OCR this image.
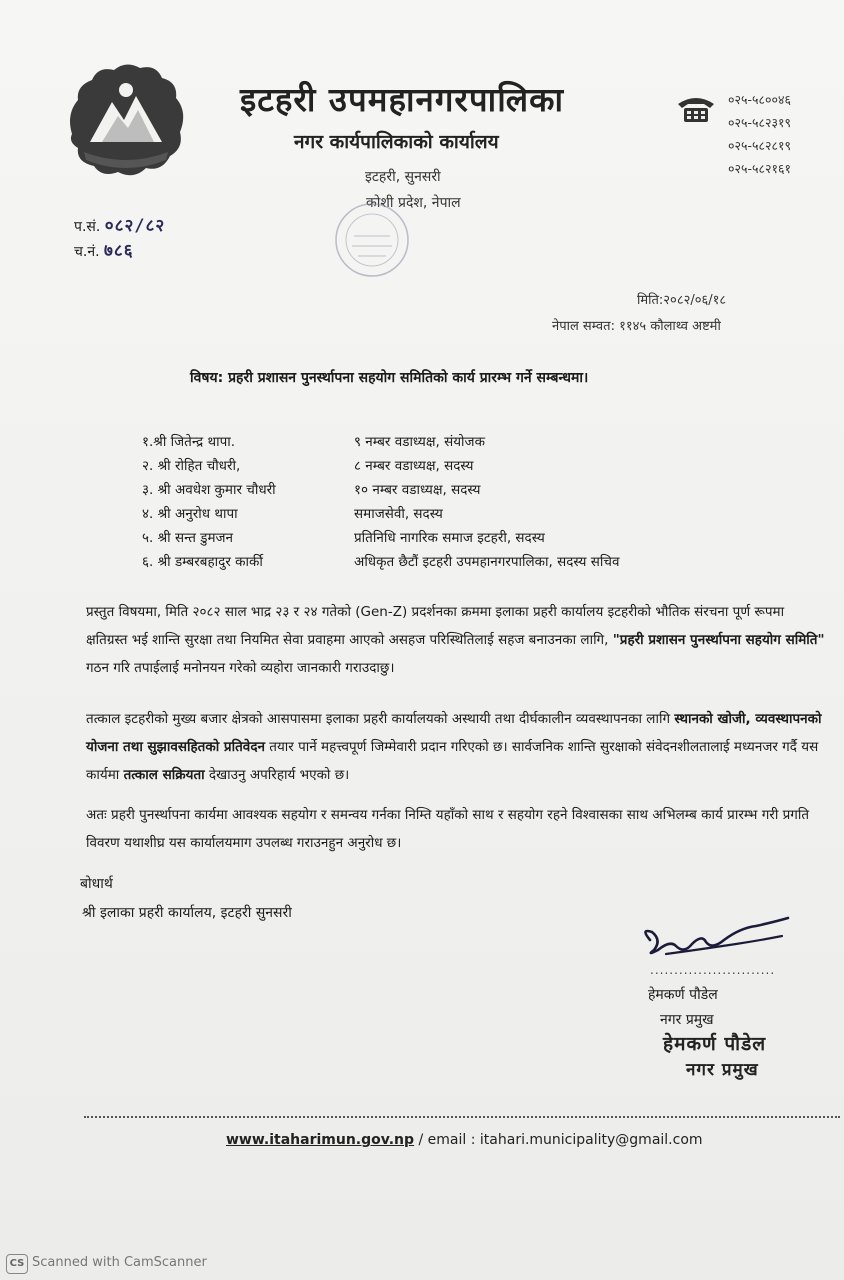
इटहरी उपमहानगरपालिका
नगर कार्यपालिकाको कार्यालय
इटहरी, सुनसरी
कोशी प्रदेश, नेपाल
०२५-५८००४६
०२५-५८२३१९
०२५-५८२८१९
०२५-५८२१६१
प.सं. ०८२/८२
च.नं. ७८६
मिति:२०८२/०६/१८
नेपाल सम्वत: ११४५ कौलाथ्व अष्टमी
विषय: प्रहरी प्रशासन पुनर्स्थापना सहयोग समितिको कार्य प्रारम्भ गर्ने सम्बन्धमा।
१.श्री जितेन्द्र थापा.	९ नम्बर वडाध्यक्ष, संयोजक
२. श्री रोहित चौधरी,	८ नम्बर वडाध्यक्ष, सदस्य
३. श्री अवधेश कुमार चौधरी	१० नम्बर वडाध्यक्ष, सदस्य
४. श्री अनुरोध थापा	समाजसेवी, सदस्य
५. श्री सन्त डुमजन	प्रतिनिधि नागरिक समाज इटहरी, सदस्य
६. श्री डम्बरबहादुर कार्की	अधिकृत छैटौं इटहरी उपमहानगरपालिका, सदस्य सचिव
प्रस्तुत विषयमा, मिति २०८२ साल भाद्र २३ र २४ गतेको (Gen-Z) प्रदर्शनका क्रममा इलाका प्रहरी कार्यालय इटहरीको भौतिक संरचना पूर्ण रूपमा क्षतिग्रस्त भई शान्ति सुरक्षा तथा नियमित सेवा प्रवाहमा आएको असहज परिस्थितिलाई सहज बनाउनका लागि, "प्रहरी प्रशासन पुनर्स्थापना सहयोग समिति" गठन गरि तपाईलाई मनोनयन गरेको व्यहोरा जानकारी गराउदाछु।
तत्काल इटहरीको मुख्य बजार क्षेत्रको आसपासमा इलाका प्रहरी कार्यालयको अस्थायी तथा दीर्घकालीन व्यवस्थापनका लागि स्थानको खोजी, व्यवस्थापनको योजना तथा सुझावसहितको प्रतिवेदन तयार पार्ने महत्त्वपूर्ण जिम्मेवारी प्रदान गरिएको छ। सार्वजनिक शान्ति सुरक्षाको संवेदनशीलतालाई मध्यनजर गर्दै यस कार्यमा तत्काल सक्रियता देखाउनु अपरिहार्य भएको छ।
अतः प्रहरी पुनर्स्थापना कार्यमा आवश्यक सहयोग र समन्वय गर्नका निम्ति यहाँको साथ र सहयोग रहने विश्वासका साथ अभिलम्ब कार्य प्रारम्भ गरी प्रगति विवरण यथाशीघ्र यस कार्यालयमाग उपलब्ध गराउनहुन अनुरोध छ।
बोधार्थ
श्री इलाका प्रहरी कार्यालय, इटहरी सुनसरी
..........................
हेमकर्ण पौडेल
नगर प्रमुख
हेमकर्ण पौडेल
नगर प्रमुख
www.itaharimun.gov.np / email : itahari.municipality@gmail.com
CS Scanned with CamScanner
